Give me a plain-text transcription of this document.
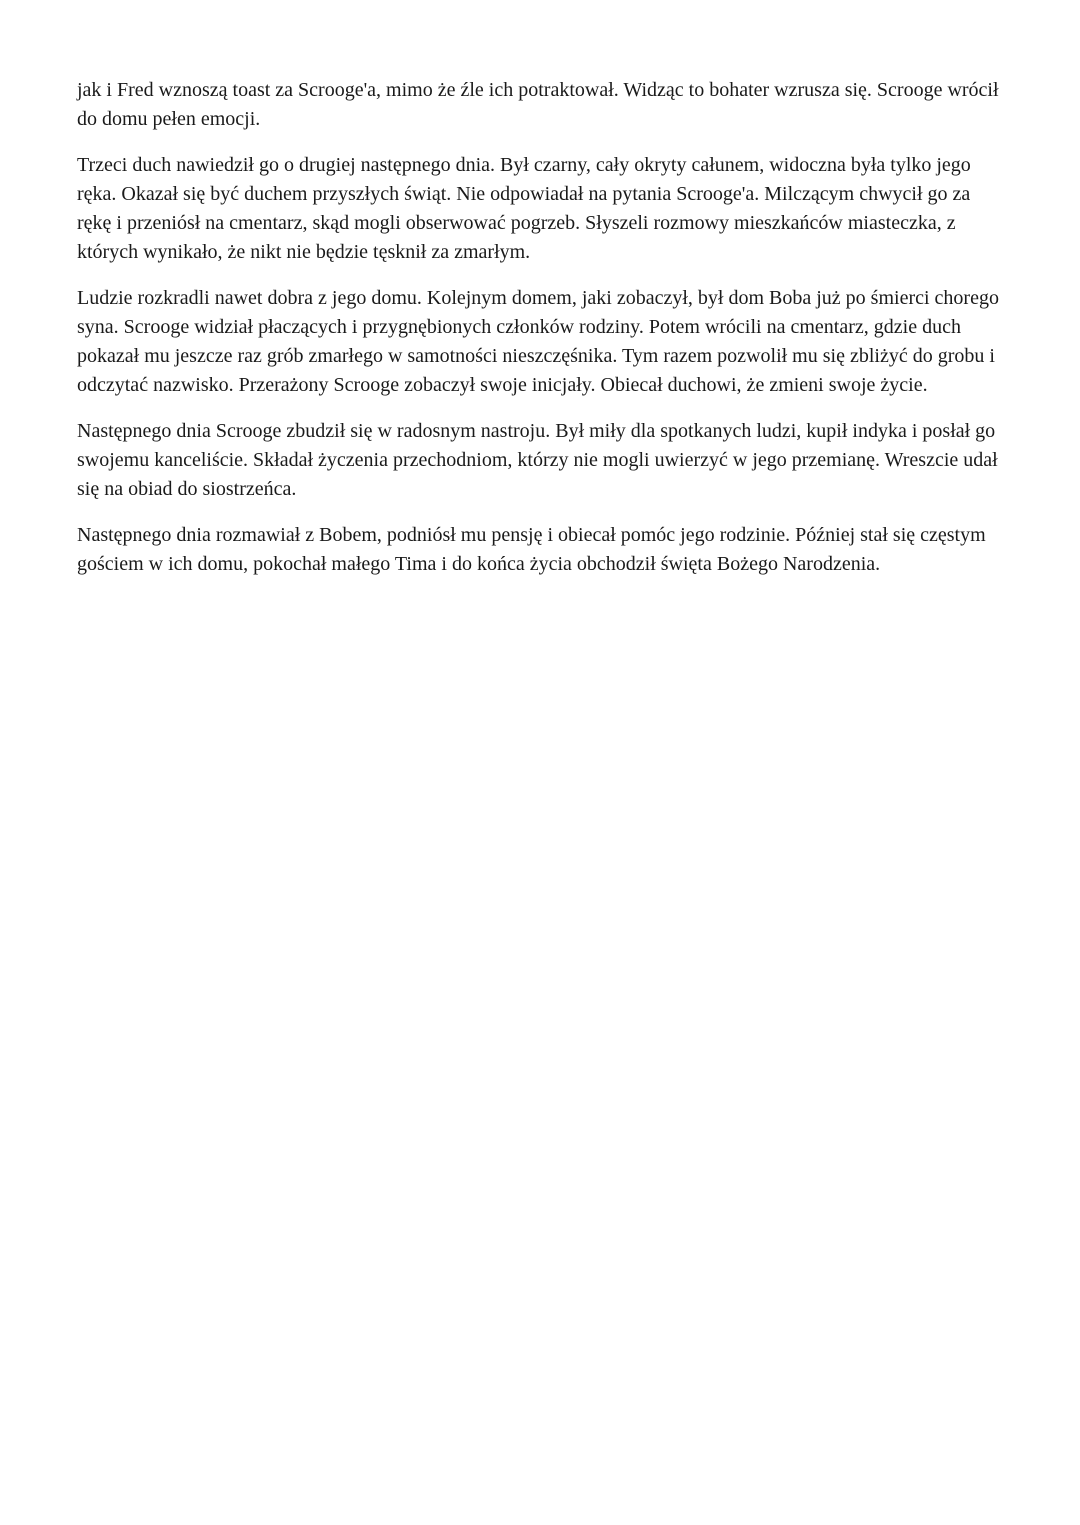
jak i Fred wznoszą toast za Scrooge'a, mimo że źle ich potraktował. Widząc to bohater wzrusza się. Scrooge wrócił do domu pełen emocji.

Trzeci duch nawiedził go o drugiej następnego dnia. Był czarny, cały okryty całunem, widoczna była tylko jego ręka. Okazał się być duchem przyszłych świąt. Nie odpowiadał na pytania Scrooge'a. Milczącym chwycił go za rękę i przeniósł na cmentarz, skąd mogli obserwować pogrzeb. Słyszeli rozmowy mieszkańców miasteczka, z których wynikało, że nikt nie będzie tęsknił za zmarłym.

Ludzie rozkradli nawet dobra z jego domu. Kolejnym domem, jaki zobaczył, był dom Boba już po śmierci chorego syna. Scrooge widział płaczących i przygnębionych członków rodziny. Potem wrócili na cmentarz, gdzie duch pokazał mu jeszcze raz grób zmarłego w samotności nieszczęśnika. Tym razem pozwolił mu się zbliżyć do grobu i odczytać nazwisko. Przerażony Scrooge zobaczył swoje inicjały. Obiecał duchowi, że zmieni swoje życie.

Następnego dnia Scrooge zbudził się w radosnym nastroju. Był miły dla spotkanych ludzi, kupił indyka i posłał go swojemu kanceliście. Składał życzenia przechodniom, którzy nie mogli uwierzyć w jego przemianę. Wreszcie udał się na obiad do siostrzeńca.

Następnego dnia rozmawiał z Bobem, podniósł mu pensję i obiecał pomóc jego rodzinie. Później stał się częstym gościem w ich domu, pokochał małego Tima i do końca życia obchodził święta Bożego Narodzenia.
